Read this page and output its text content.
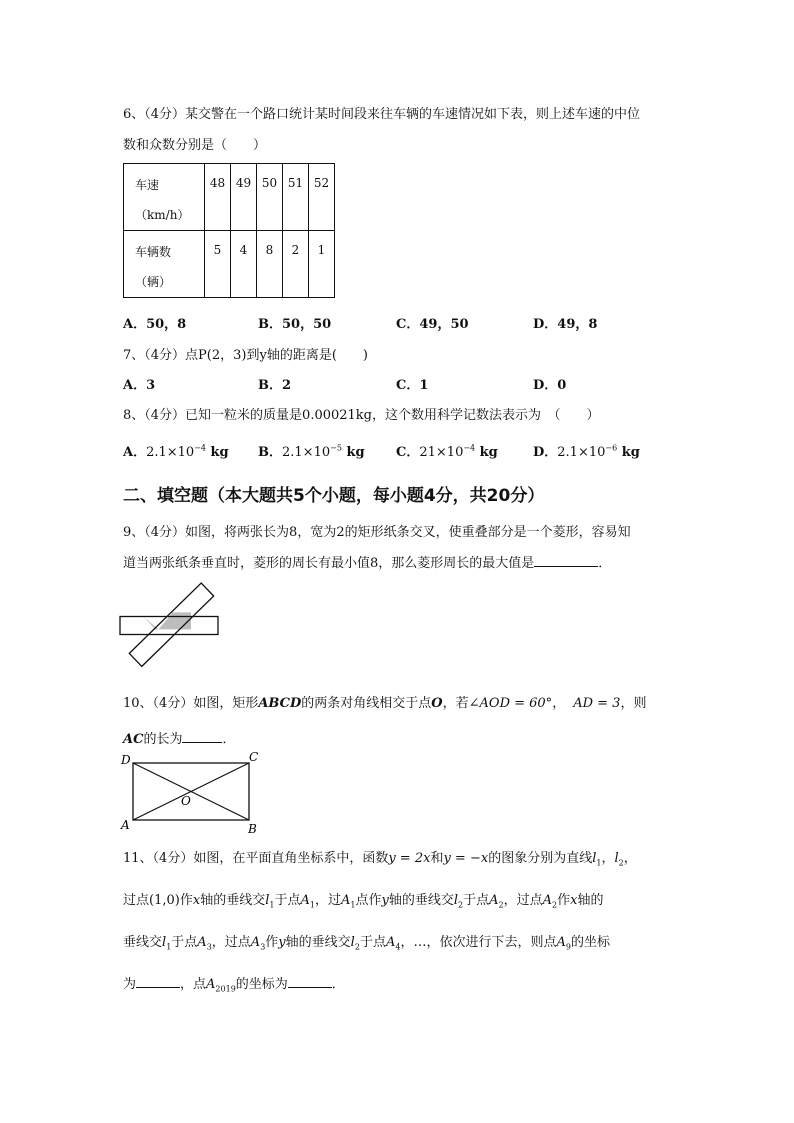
6、（4分）某交警在一个路口统计某时间段来往车辆的车速情况如下表，则上述车速的中位
数和众数分别是（　　）
车速
（km/h）	48	49	50	51	52

车辆数
（辆）	5	4	8	2	1
A．50，8	B．50，50	C．49，50	D．49，8
7、（4分）点P(2，3)到y轴的距离是(　　)
A．3	B．2	C．1	D．0
8、（4分）已知一粒米的质量是0.00021kg，这个数用科学记数法表示为　（　　）
A．$2.1\times 10^{-4}$ kg B．$2.1\times 10^{-5}$ kg C．$21\times 10^{-4}$ kg	D．$2.1\times 10^{-6}$ kg
二、填空题（本大题共5个小题，每小题4分，共20分）
9、（4分）如图，将两张长为8，宽为2的矩形纸条交叉，使重叠部分是一个菱形，容易知
道当两张纸条垂直时，菱形的周长有最小值8，那么菱形周长的最大值是	．
10、（4分）如图，矩形ABCD的两条对角线相交于点O，若∠AOD = 60°， AD = 3，则
AC的长为	．
D	C
A	B
O
11、（4分）如图，在平面直角坐标系中，函数y = 2x和y = −x的图象分别为直线$l_1$，$l_2$，
过点(1,0)作x轴的垂线交$l_1$于点$A_1$，过$A_1$点作y轴的垂线交$l_2$于点$A_2$，过点$A_2$作x轴的
垂线交$l_1$于点$A_3$，过点$A_3$作y轴的垂线交$l_2$于点$A_4$，…，依次进行下去，则点$A_9$的坐标
为	，点$A_{2019}$的坐标为	．
